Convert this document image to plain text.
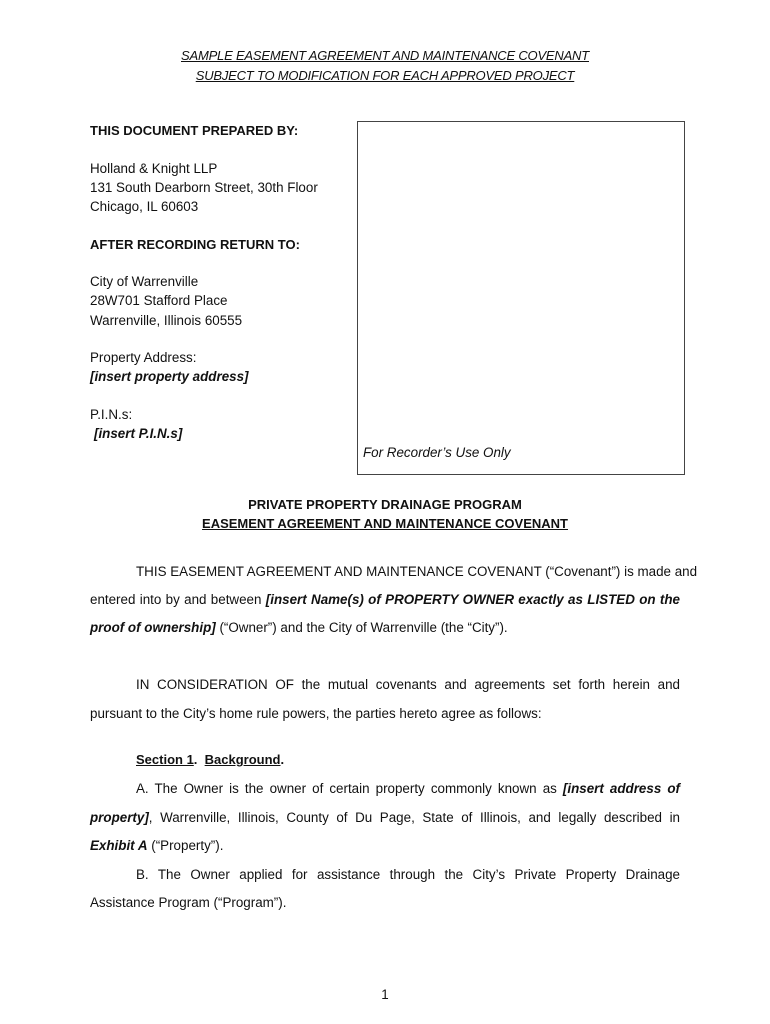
SAMPLE EASEMENT AGREEMENT AND MAINTENANCE COVENANT
SUBJECT TO MODIFICATION FOR EACH APPROVED PROJECT
THIS DOCUMENT PREPARED BY:
Holland & Knight LLP
131 South Dearborn Street, 30th Floor
Chicago, IL 60603
AFTER RECORDING RETURN TO:
City of Warrenville
28W701 Stafford Place
Warrenville, Illinois 60555
Property Address:
[insert property address]
P.I.N.s:
[insert P.I.N.s]
For Recorder’s Use Only
PRIVATE PROPERTY DRAINAGE PROGRAM
EASEMENT AGREEMENT AND MAINTENANCE COVENANT
THIS EASEMENT AGREEMENT AND MAINTENANCE COVENANT (“Covenant”) is made and
entered into by and between [insert Name(s) of PROPERTY OWNER exactly as LISTED on the
proof of ownership] (“Owner”) and the City of Warrenville (the “City”).
IN CONSIDERATION OF the mutual covenants and agreements set forth herein and
pursuant to the City’s home rule powers, the parties hereto agree as follows:
Section 1.  Background.
A. The Owner is the owner of certain property commonly known as [insert address of
property], Warrenville, Illinois, County of Du Page, State of Illinois, and legally described in
Exhibit A (“Property”).
B. The Owner applied for assistance through the City’s Private Property Drainage
Assistance Program (“Program”).
1
